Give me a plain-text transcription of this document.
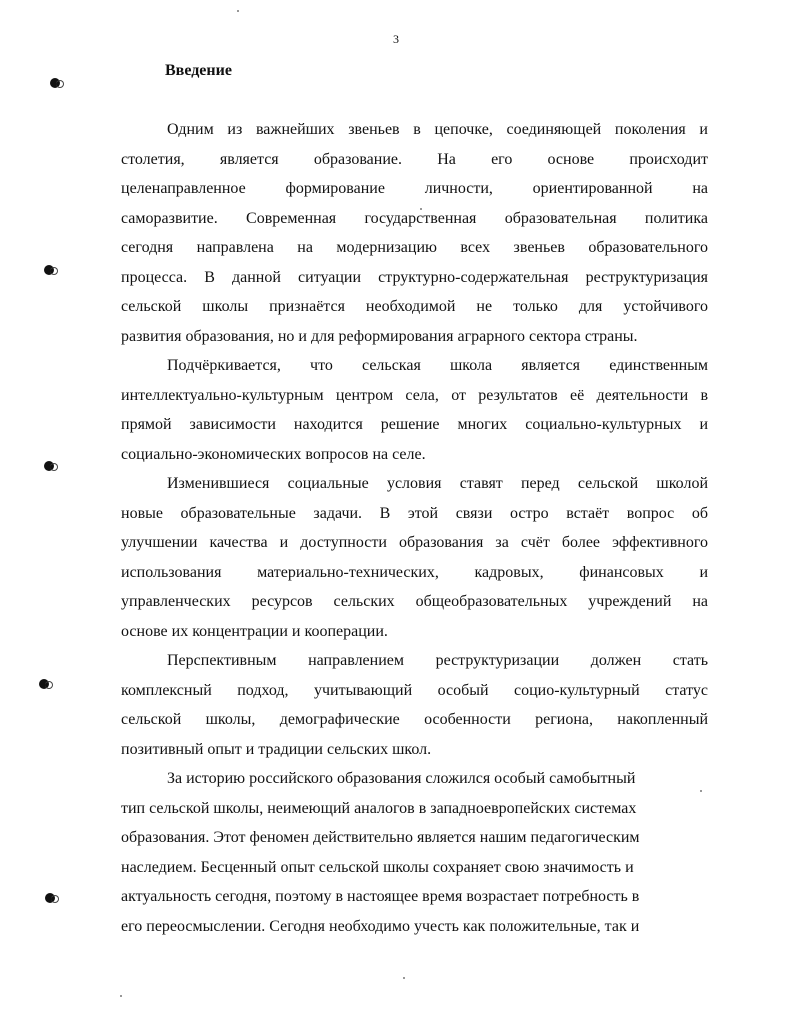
3
Введение

Одним из важнейших звеньев в цепочке, соединяющей поколения и
столетия, является образование. На его основе происходит
целенаправленное формирование личности, ориентированной на
саморазвитие. Современная государственная образовательная политика
сегодня направлена на модернизацию всех звеньев образовательного
процесса. В данной ситуации структурно-содержательная реструктуризация
сельской школы признаётся необходимой не только для устойчивого
развития образования, но и для реформирования аграрного сектора страны.

Подчёркивается, что сельская школа является единственным
интеллектуально-культурным центром села, от результатов её деятельности в
прямой зависимости находится решение многих социально-культурных и
социально-экономических вопросов на селе.

Изменившиеся социальные условия ставят перед сельской школой
новые образовательные задачи. В этой связи остро встаёт вопрос об
улучшении качества и доступности образования за счёт более эффективного
использования материально-технических, кадровых, финансовых и
управленческих ресурсов сельских общеобразовательных учреждений на
основе их концентрации и кооперации.

Перспективным направлением реструктуризации должен стать
комплексный подход, учитывающий особый социо-культурный статус
сельской школы, демографические особенности региона, накопленный
позитивный опыт и традиции сельских школ.

За историю российского образования сложился особый самобытный
тип сельской школы, неимеющий аналогов в западноевропейских системах
образования. Этот феномен действительно является нашим педагогическим
наследием. Бесценный опыт сельской школы сохраняет свою значимость и
актуальность сегодня, поэтому в настоящее время возрастает потребность в
его переосмыслении. Сегодня необходимо учесть как положительные, так и
